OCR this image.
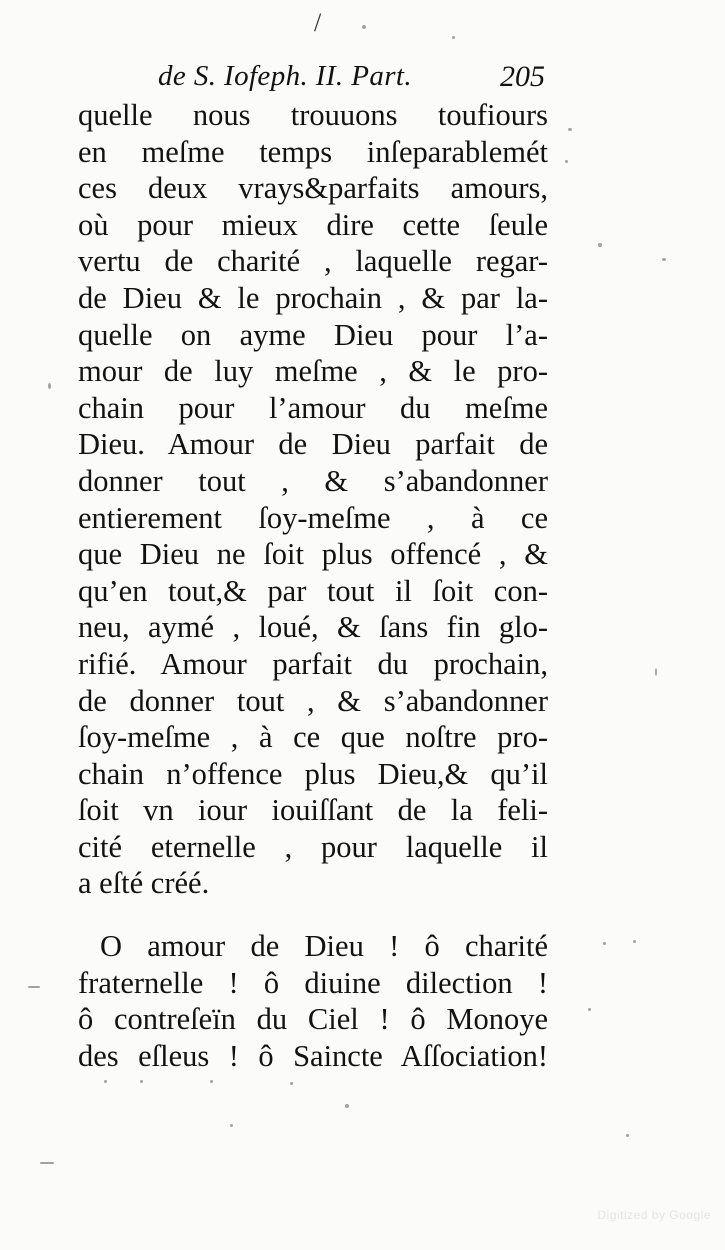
de S. Iofeph. II. Part.	205
quelle nous trouuons toufiours
en meſme temps inſeparablemét
ces deux vrays&parfaits amours,
où pour mieux dire cette ſeule
vertu de charité , laquelle regar-
de Dieu & le prochain , & par la-
quelle on ayme Dieu pour l’a-
mour de luy meſme , & le pro-
chain pour l’amour du meſme
Dieu. Amour de Dieu parfait de
donner tout , & s’abandonner
entierement ſoy-meſme , à ce
que Dieu ne ſoit plus offencé , &
qu’en tout,& par tout il ſoit con-
neu, aymé , loué, & ſans fin glo-
rifié. Amour parfait du prochain,
de donner tout , & s’abandonner
ſoy-meſme , à ce que noſtre pro-
chain n’offence plus Dieu,& qu’il
ſoit vn iour iouiſſant de la feli-
cité eternelle , pour laquelle il
a eſté créé.
O amour de Dieu ! ô charité
fraternelle ! ô diuine dilection !
ô contreſeïn du Ciel ! ô Monoye
des eſleus ! ô Saincte Aſſociation!
/
Digitized by Google
